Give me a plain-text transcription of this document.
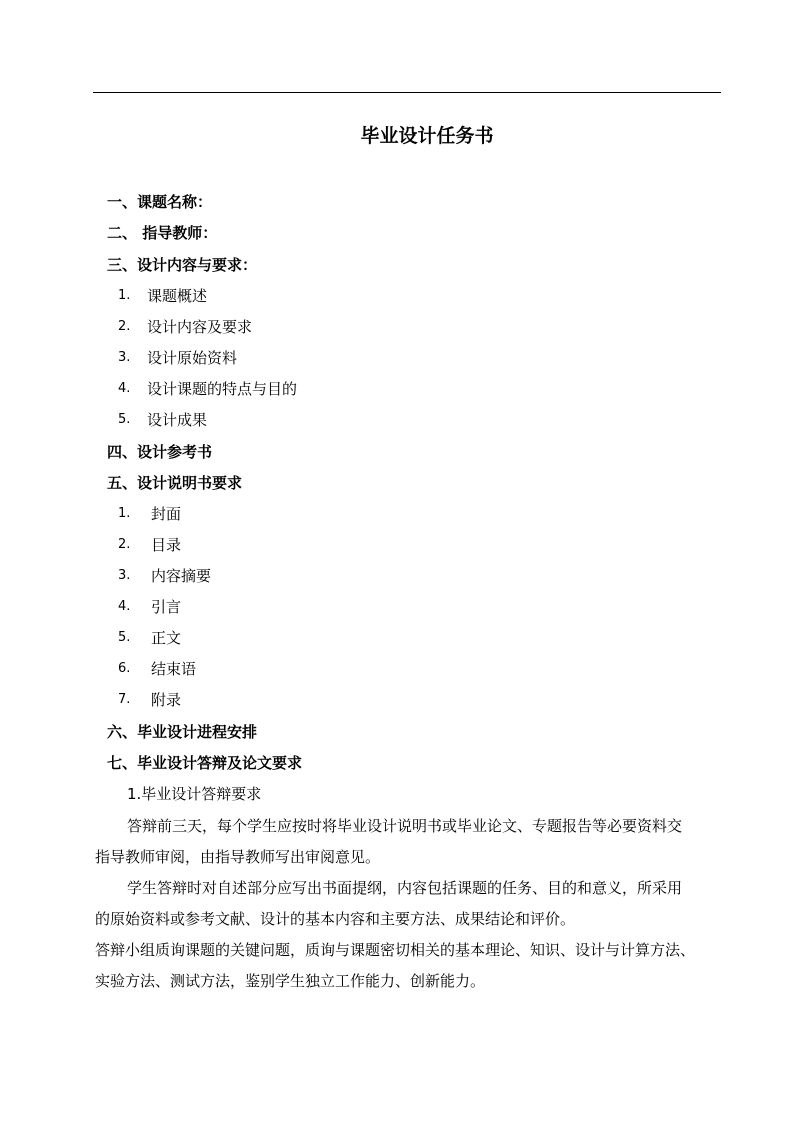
毕业设计任务书
一、课题名称：
二、 指导教师：
三、设计内容与要求：
1. 课题概述
2. 设计内容及要求
3. 设计原始资料
4. 设计课题的特点与目的
5. 设计成果
四、设计参考书
五、设计说明书要求
1. 封面
2. 目录
3. 内容摘要
4. 引言
5. 正文
6. 结束语
7. 附录
六、毕业设计进程安排
七、毕业设计答辩及论文要求
1.毕业设计答辩要求
答辩前三天，每个学生应按时将毕业设计说明书或毕业论文、专题报告等必要资料交
指导教师审阅，由指导教师写出审阅意见。
学生答辩时对自述部分应写出书面提纲，内容包括课题的任务、目的和意义，所采用
的原始资料或参考文献、设计的基本内容和主要方法、成果结论和评价。
答辩小组质询课题的关键问题，质询与课题密切相关的基本理论、知识、设计与计算方法、
实验方法、测试方法，鉴别学生独立工作能力、创新能力。
